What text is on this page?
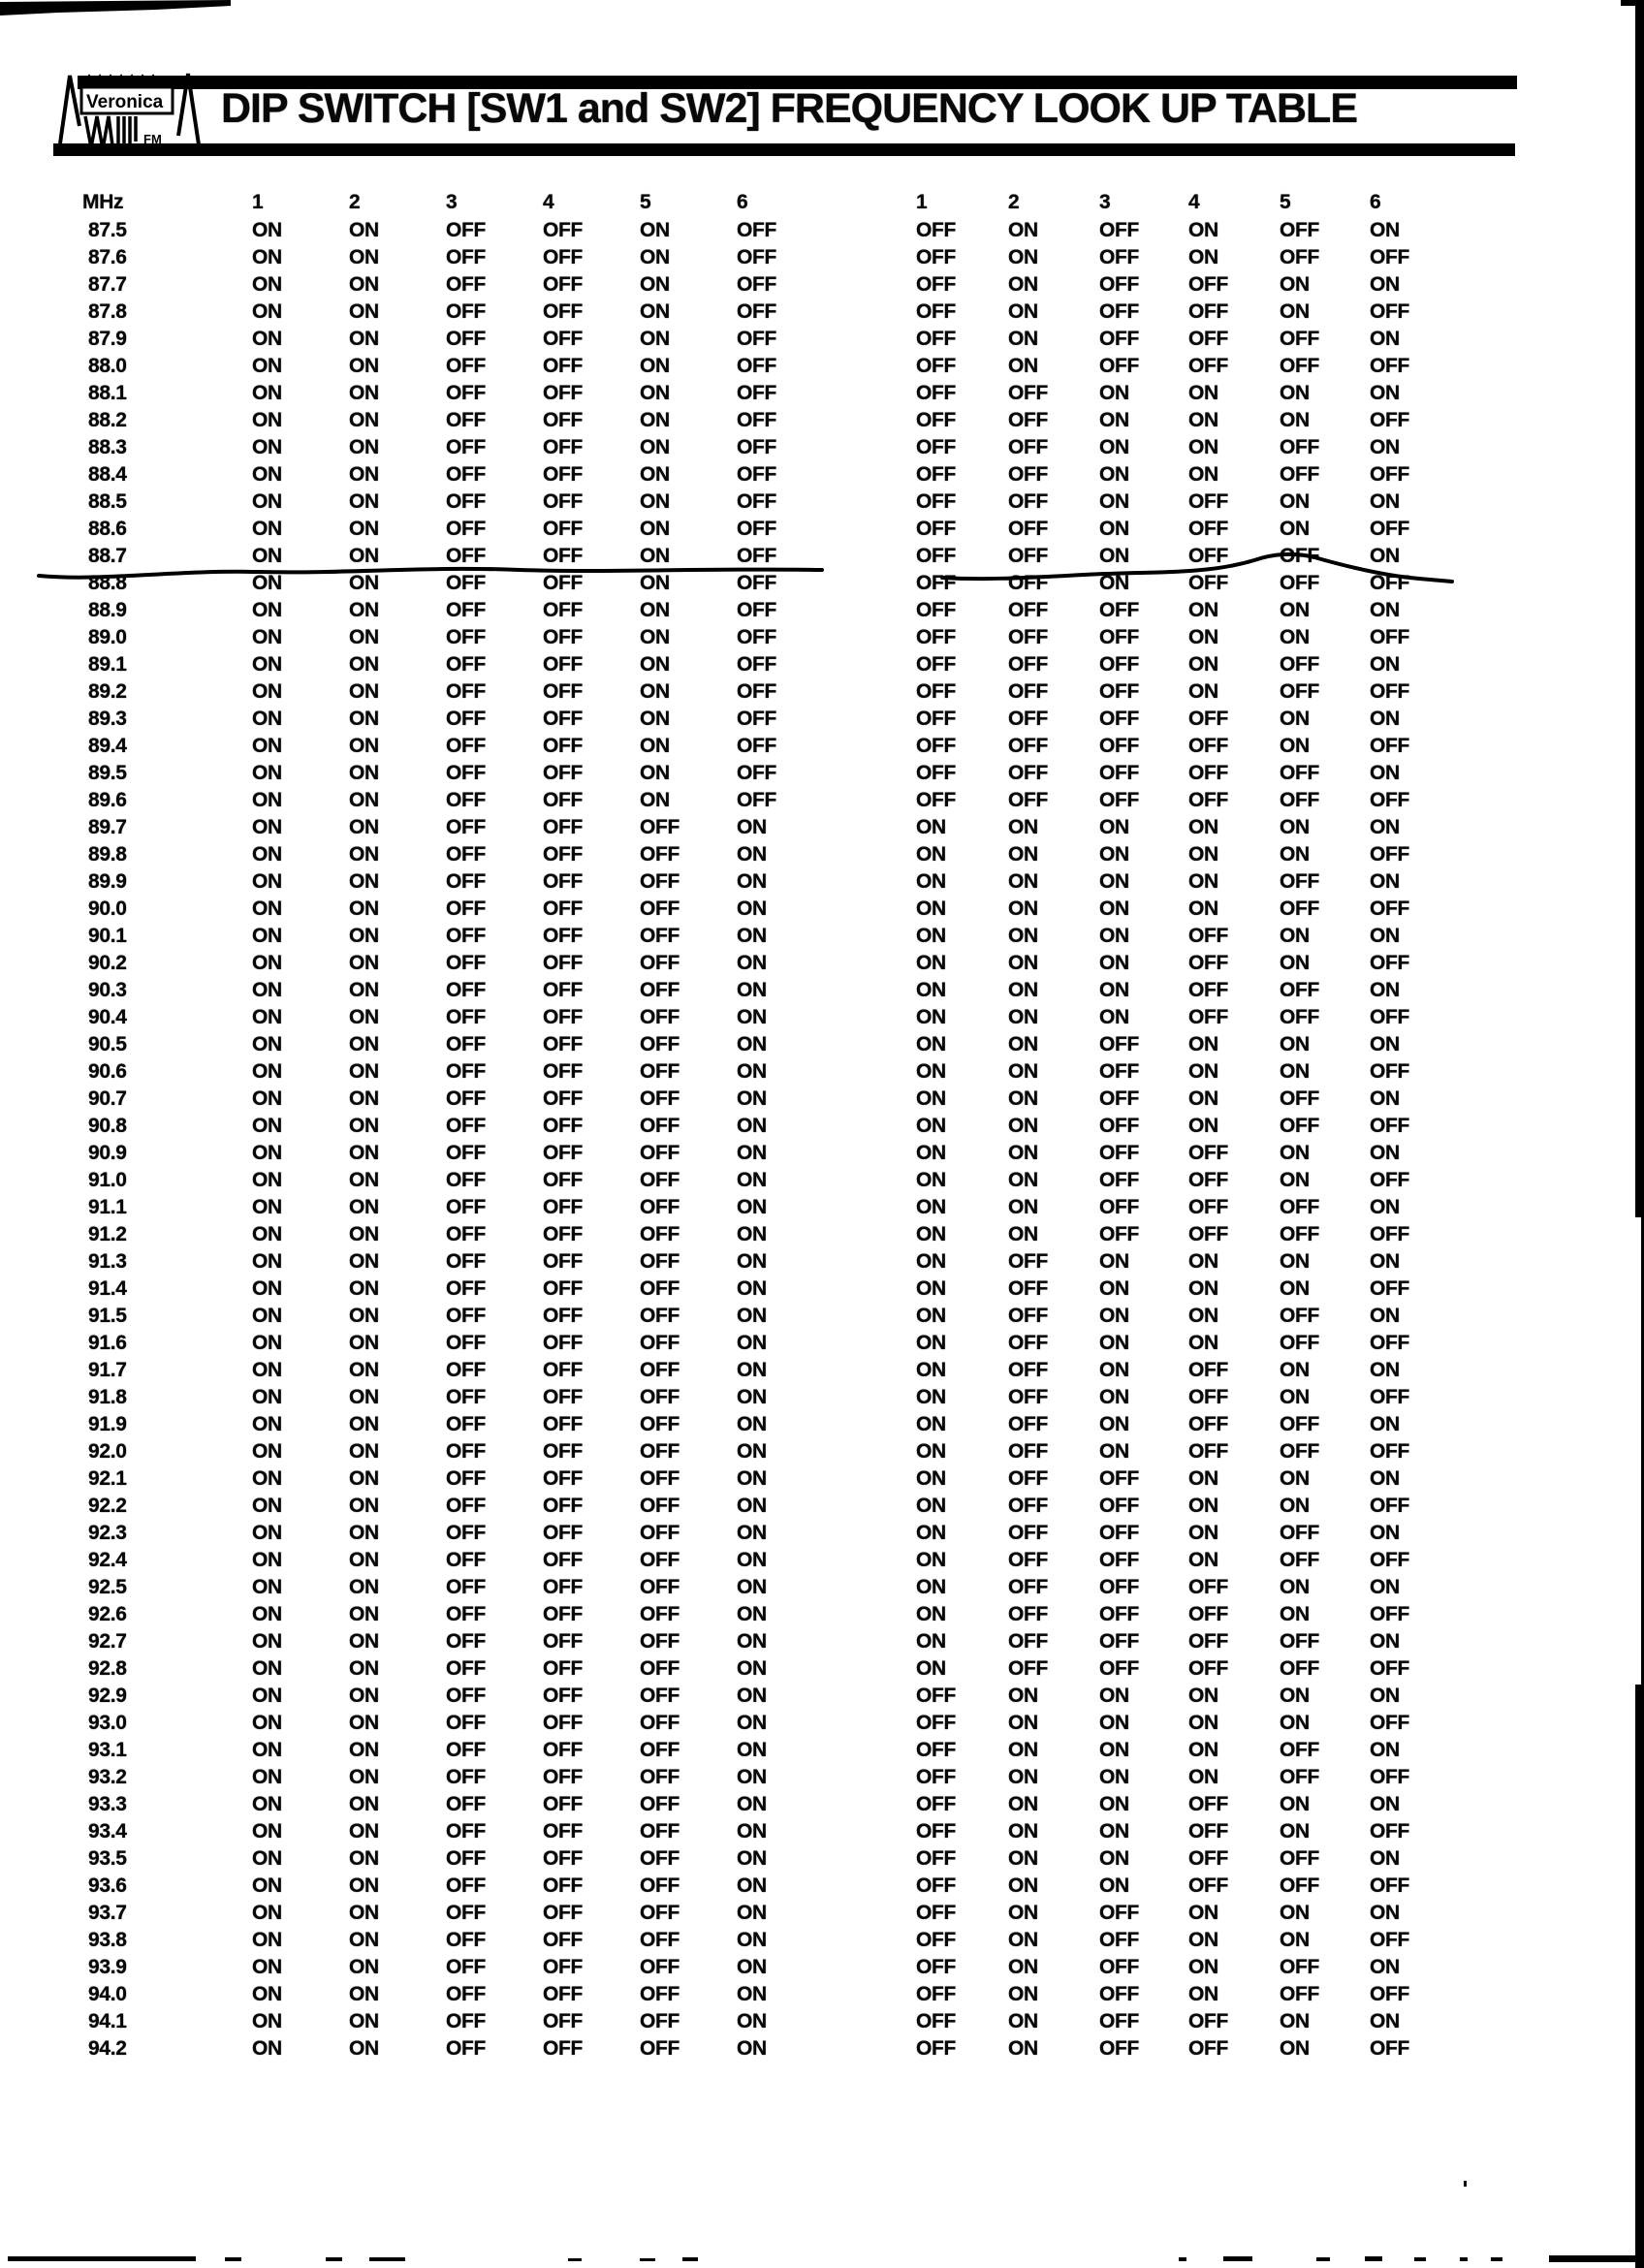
Veronica
FM
DIP SWITCH [SW1 and SW2] FREQUENCY LOOK UP TABLE
MHz	1	2	3	4	5	6	1	2	3	4	5	6
87.5	ON	ON	OFF	OFF	ON	OFF	OFF	ON	OFF	ON	OFF	ON
87.6	ON	ON	OFF	OFF	ON	OFF	OFF	ON	OFF	ON	OFF	OFF
87.7	ON	ON	OFF	OFF	ON	OFF	OFF	ON	OFF	OFF	ON	ON
87.8	ON	ON	OFF	OFF	ON	OFF	OFF	ON	OFF	OFF	ON	OFF
87.9	ON	ON	OFF	OFF	ON	OFF	OFF	ON	OFF	OFF	OFF	ON
88.0	ON	ON	OFF	OFF	ON	OFF	OFF	ON	OFF	OFF	OFF	OFF
88.1	ON	ON	OFF	OFF	ON	OFF	OFF	OFF	ON	ON	ON	ON
88.2	ON	ON	OFF	OFF	ON	OFF	OFF	OFF	ON	ON	ON	OFF
88.3	ON	ON	OFF	OFF	ON	OFF	OFF	OFF	ON	ON	OFF	ON
88.4	ON	ON	OFF	OFF	ON	OFF	OFF	OFF	ON	ON	OFF	OFF
88.5	ON	ON	OFF	OFF	ON	OFF	OFF	OFF	ON	OFF	ON	ON
88.6	ON	ON	OFF	OFF	ON	OFF	OFF	OFF	ON	OFF	ON	OFF
88.7	ON	ON	OFF	OFF	ON	OFF	OFF	OFF	ON	OFF	OFF	ON
88.8	ON	ON	OFF	OFF	ON	OFF	OFF	OFF	ON	OFF	OFF	OFF
88.9	ON	ON	OFF	OFF	ON	OFF	OFF	OFF	OFF	ON	ON	ON
89.0	ON	ON	OFF	OFF	ON	OFF	OFF	OFF	OFF	ON	ON	OFF
89.1	ON	ON	OFF	OFF	ON	OFF	OFF	OFF	OFF	ON	OFF	ON
89.2	ON	ON	OFF	OFF	ON	OFF	OFF	OFF	OFF	ON	OFF	OFF
89.3	ON	ON	OFF	OFF	ON	OFF	OFF	OFF	OFF	OFF	ON	ON
89.4	ON	ON	OFF	OFF	ON	OFF	OFF	OFF	OFF	OFF	ON	OFF
89.5	ON	ON	OFF	OFF	ON	OFF	OFF	OFF	OFF	OFF	OFF	ON
89.6	ON	ON	OFF	OFF	ON	OFF	OFF	OFF	OFF	OFF	OFF	OFF
89.7	ON	ON	OFF	OFF	OFF	ON	ON	ON	ON	ON	ON	ON
89.8	ON	ON	OFF	OFF	OFF	ON	ON	ON	ON	ON	ON	OFF
89.9	ON	ON	OFF	OFF	OFF	ON	ON	ON	ON	ON	OFF	ON
90.0	ON	ON	OFF	OFF	OFF	ON	ON	ON	ON	ON	OFF	OFF
90.1	ON	ON	OFF	OFF	OFF	ON	ON	ON	ON	OFF	ON	ON
90.2	ON	ON	OFF	OFF	OFF	ON	ON	ON	ON	OFF	ON	OFF
90.3	ON	ON	OFF	OFF	OFF	ON	ON	ON	ON	OFF	OFF	ON
90.4	ON	ON	OFF	OFF	OFF	ON	ON	ON	ON	OFF	OFF	OFF
90.5	ON	ON	OFF	OFF	OFF	ON	ON	ON	OFF	ON	ON	ON
90.6	ON	ON	OFF	OFF	OFF	ON	ON	ON	OFF	ON	ON	OFF
90.7	ON	ON	OFF	OFF	OFF	ON	ON	ON	OFF	ON	OFF	ON
90.8	ON	ON	OFF	OFF	OFF	ON	ON	ON	OFF	ON	OFF	OFF
90.9	ON	ON	OFF	OFF	OFF	ON	ON	ON	OFF	OFF	ON	ON
91.0	ON	ON	OFF	OFF	OFF	ON	ON	ON	OFF	OFF	ON	OFF
91.1	ON	ON	OFF	OFF	OFF	ON	ON	ON	OFF	OFF	OFF	ON
91.2	ON	ON	OFF	OFF	OFF	ON	ON	ON	OFF	OFF	OFF	OFF
91.3	ON	ON	OFF	OFF	OFF	ON	ON	OFF	ON	ON	ON	ON
91.4	ON	ON	OFF	OFF	OFF	ON	ON	OFF	ON	ON	ON	OFF
91.5	ON	ON	OFF	OFF	OFF	ON	ON	OFF	ON	ON	OFF	ON
91.6	ON	ON	OFF	OFF	OFF	ON	ON	OFF	ON	ON	OFF	OFF
91.7	ON	ON	OFF	OFF	OFF	ON	ON	OFF	ON	OFF	ON	ON
91.8	ON	ON	OFF	OFF	OFF	ON	ON	OFF	ON	OFF	ON	OFF
91.9	ON	ON	OFF	OFF	OFF	ON	ON	OFF	ON	OFF	OFF	ON
92.0	ON	ON	OFF	OFF	OFF	ON	ON	OFF	ON	OFF	OFF	OFF
92.1	ON	ON	OFF	OFF	OFF	ON	ON	OFF	OFF	ON	ON	ON
92.2	ON	ON	OFF	OFF	OFF	ON	ON	OFF	OFF	ON	ON	OFF
92.3	ON	ON	OFF	OFF	OFF	ON	ON	OFF	OFF	ON	OFF	ON
92.4	ON	ON	OFF	OFF	OFF	ON	ON	OFF	OFF	ON	OFF	OFF
92.5	ON	ON	OFF	OFF	OFF	ON	ON	OFF	OFF	OFF	ON	ON
92.6	ON	ON	OFF	OFF	OFF	ON	ON	OFF	OFF	OFF	ON	OFF
92.7	ON	ON	OFF	OFF	OFF	ON	ON	OFF	OFF	OFF	OFF	ON
92.8	ON	ON	OFF	OFF	OFF	ON	ON	OFF	OFF	OFF	OFF	OFF
92.9	ON	ON	OFF	OFF	OFF	ON	OFF	ON	ON	ON	ON	ON
93.0	ON	ON	OFF	OFF	OFF	ON	OFF	ON	ON	ON	ON	OFF
93.1	ON	ON	OFF	OFF	OFF	ON	OFF	ON	ON	ON	OFF	ON
93.2	ON	ON	OFF	OFF	OFF	ON	OFF	ON	ON	ON	OFF	OFF
93.3	ON	ON	OFF	OFF	OFF	ON	OFF	ON	ON	OFF	ON	ON
93.4	ON	ON	OFF	OFF	OFF	ON	OFF	ON	ON	OFF	ON	OFF
93.5	ON	ON	OFF	OFF	OFF	ON	OFF	ON	ON	OFF	OFF	ON
93.6	ON	ON	OFF	OFF	OFF	ON	OFF	ON	ON	OFF	OFF	OFF
93.7	ON	ON	OFF	OFF	OFF	ON	OFF	ON	OFF	ON	ON	ON
93.8	ON	ON	OFF	OFF	OFF	ON	OFF	ON	OFF	ON	ON	OFF
93.9	ON	ON	OFF	OFF	OFF	ON	OFF	ON	OFF	ON	OFF	ON
94.0	ON	ON	OFF	OFF	OFF	ON	OFF	ON	OFF	ON	OFF	OFF
94.1	ON	ON	OFF	OFF	OFF	ON	OFF	ON	OFF	OFF	ON	ON
94.2	ON	ON	OFF	OFF	OFF	ON	OFF	ON	OFF	OFF	ON	OFF
